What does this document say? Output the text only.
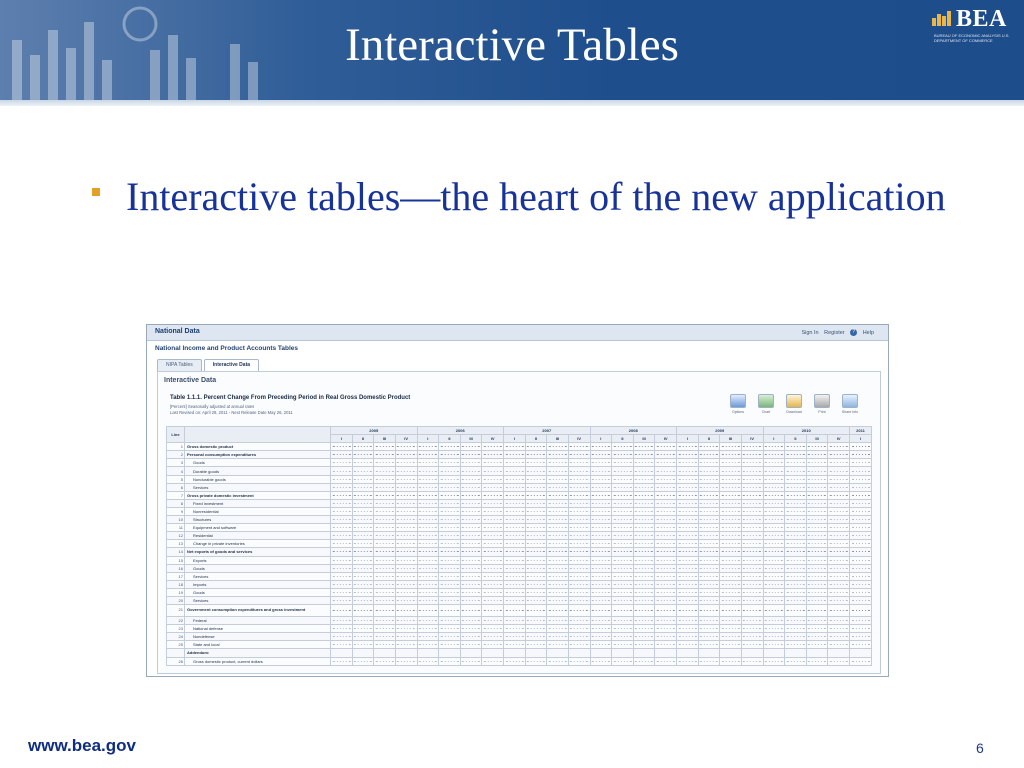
Interactive Tables	BEA
BUREAU OF ECONOMIC ANALYSIS U.S. DEPARTMENT OF COMMERCE
Interactive tables—the heart of the new application
National Data	Sign In Register ? Help
National Income and Product Accounts Tables
NIPA Tables	Interactive Data
Interactive Data
Table 1.1.1. Percent Change From Preceding Period in Real Gross Domestic Product
[Percent] Seasonally adjusted at annual rates
Last Revised on: April 28, 2011 - Next Release Date May 26, 2011	Options	Chart	Download	Print	Share Info
Line		2005				2006				2007				2008				2009				2010				2011
		I	II	III	IV	I	II	III	IV	I	II	III	IV	I	II	III	IV	I	II	III	IV	I	II	III	IV	I
1	Gross domestic product																									
2	Personal consumption expenditures																									
3	Goods																									
4	Durable goods																									
5	Nondurable goods																									
6	Services																									
7	Gross private domestic investment																									
8	Fixed investment																									
9	Nonresidential																									
10	Structures																									
11	Equipment and software																									
12	Residential																									
13	Change in private inventories																									
14	Net exports of goods and services																									
15	Exports																									
16	Goods																									
17	Services																									
18	Imports																									
19	Goods																									
20	Services																									
21	Government consumption expenditures and gross investment																									
22	Federal																									
23	National defense																									
24	Nondefense																									
25	State and local																									
	Addendum:																									
26	Gross domestic product, current dollars																									
www.bea.gov	6
